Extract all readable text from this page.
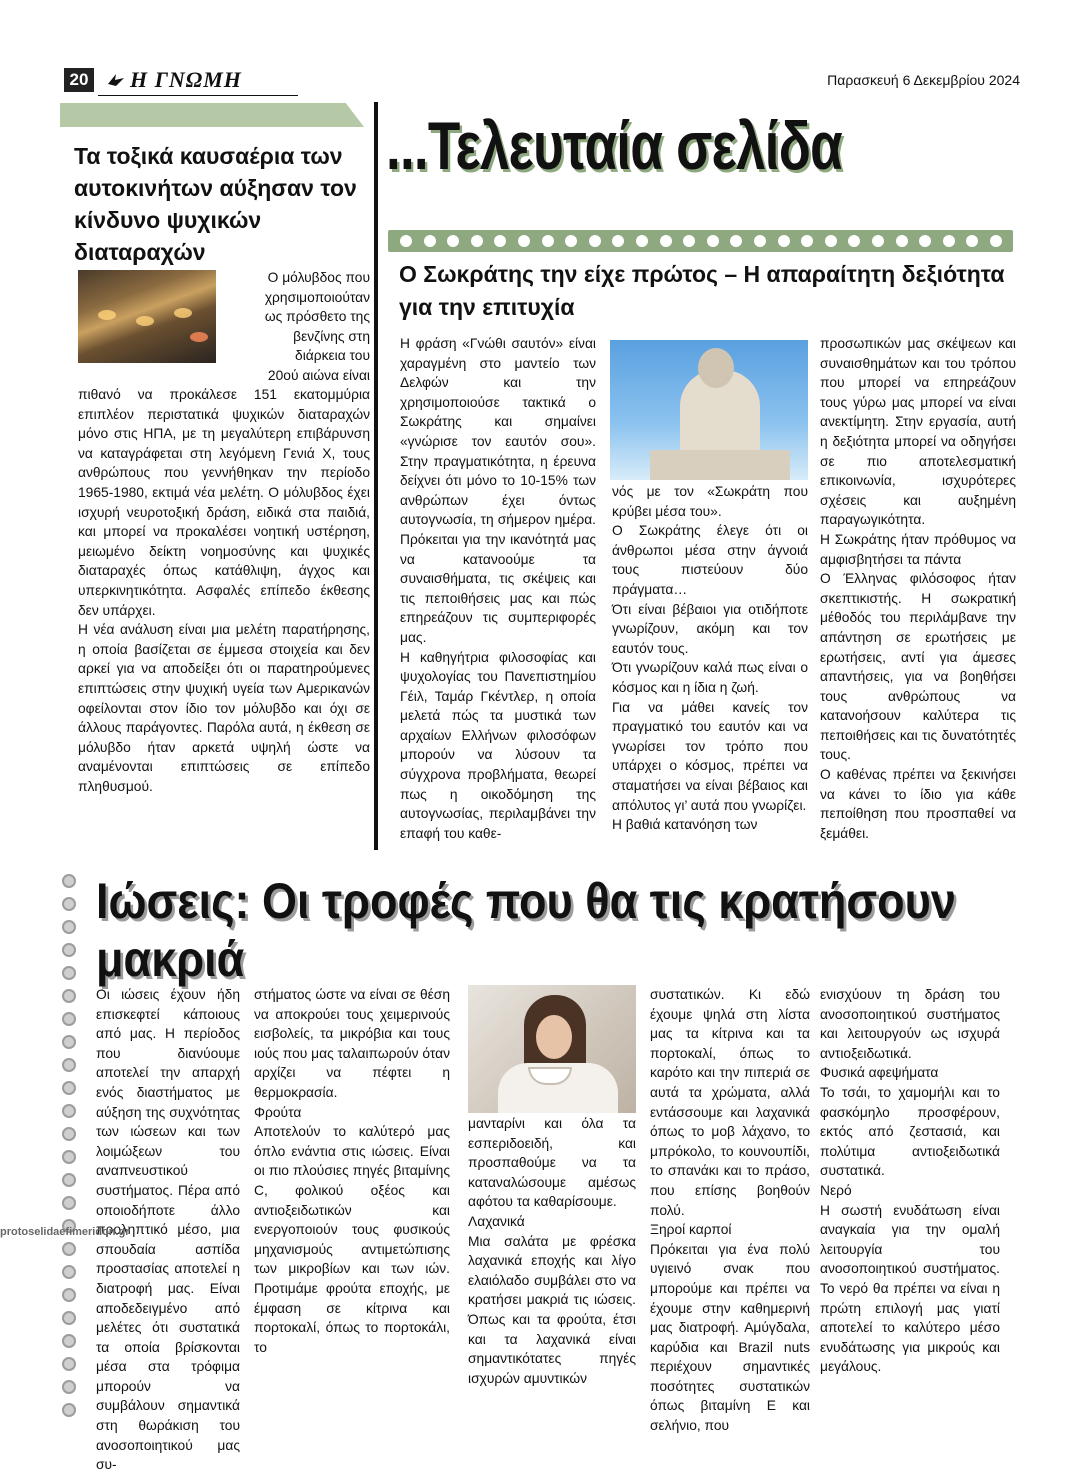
20 Η ΓΝΩΜΗ	Παρασκευή 6 Δεκεμβρίου 2024
Τα τοξικά καυσαέρια των αυτοκινήτων αύξησαν τον κίνδυνο ψυχικών διαταραχών

Ο μόλυβδος που

χρησιμοποιούταν

ως πρόσθετο της

βενζίνης στη

διάρκεια του

20ού αιώνα είναι

πιθανό να προκάλεσε 151 εκατομμύρια επιπλέον περιστατικά ψυχικών διαταραχών μόνο στις ΗΠΑ, με τη μεγαλύτερη επιβάρυνση να καταγράφεται στη λεγόμενη Γενιά Χ, τους ανθρώπους που γεννήθηκαν την περίοδο 1965-1980, εκτιμά νέα μελέτη. Ο μόλυβδος έχει ισχυρή νευροτοξική δράση, ειδικά στα παιδιά, και μπορεί να προκαλέσει νοητική υστέρηση, μειωμένο δείκτη νοημοσύνης και ψυχικές διαταραχές όπως κατάθλιψη, άγχος και υπερκινητικότητα. Ασφαλές επίπεδο έκθεσης δεν υπάρχει.

Η νέα ανάλυση είναι μια μελέτη παρατήρησης, η οποία βασίζεται σε έμμεσα στοιχεία και δεν αρκεί για να αποδείξει ότι οι παρατηρούμενες επιπτώσεις στην ψυχική υγεία των Αμερικανών οφείλονται στον ίδιο τον μόλυβδο και όχι σε άλλους παράγοντες. Παρόλα αυτά, η έκθεση σε μόλυβδο ήταν αρκετά υψηλή ώστε να αναμένονται επιπτώσεις σε επίπεδο πληθυσμού.

...Τελευταία σελίδα
Ο Σωκράτης την είχε πρώτος – Η απαραίτητη δεξιότητα για την επιτυχία

Η φράση «Γνώθι σαυτόν» είναι χαραγμένη στο μαντείο των Δελφών και την χρησιμοποιούσε τακτικά ο Σωκράτης και σημαίνει «γνώρισε τον εαυτόν σου». Στην πραγματικότητα, η έρευνα δείχνει ότι μόνο το 10-15% των ανθρώπων έχει όντως αυτογνωσία, τη σήμερον ημέρα. Πρόκειται για την ικανότητά μας να κατανοούμε τα συναισθήματα, τις σκέψεις και τις πεποιθήσεις μας και πώς επηρεάζουν τις συμπεριφορές μας.

Η καθηγήτρια φιλοσοφίας και ψυχολογίας του Πανεπιστημίου Γέιλ, Ταμάρ Γκέντλερ, η οποία μελετά πώς τα μυστικά των αρχαίων Ελλήνων φιλοσόφων μπορούν να λύσουν τα σύγχρονα προβλήματα, θεωρεί πως η οικοδόμηση της αυτογνωσίας, περιλαμβάνει την επαφή του καθε-

νός με τον «Σωκράτη που κρύβει μέσα του».

Ο Σωκράτης έλεγε ότι οι άνθρωποι μέσα στην άγνοιά τους πιστεύουν δύο πράγματα…

Ότι είναι βέβαιοι για οτιδήποτε γνωρίζουν, ακόμη και τον εαυτόν τους.

Ότι γνωρίζουν καλά πως είναι ο κόσμος και η ίδια η ζωή.

Για να μάθει κανείς τον πραγματικό του εαυτόν και να γνωρίσει τον τρόπο που υπάρχει ο κόσμος, πρέπει να σταματήσει να είναι βέβαιος και απόλυτος γι’ αυτά που γνωρίζει.

Η βαθιά κατανόηση των

προσωπικών μας σκέψεων και συναισθημάτων και του τρόπου που μπορεί να επηρεάζουν τους γύρω μας μπορεί να είναι ανεκτίμητη. Στην εργασία, αυτή η δεξιότητα μπορεί να οδηγήσει σε πιο αποτελεσματική επικοινωνία, ισχυρότερες σχέσεις και αυξημένη παραγωγικότητα.

Η Σωκράτης ήταν πρόθυμος να αμφισβητήσει τα πάντα

Ο Έλληνας φιλόσοφος ήταν σκεπτικιστής. Η σωκρατική μέθοδός του περιλάμβανε την απάντηση σε ερωτήσεις με ερωτήσεις, αντί για άμεσες απαντήσεις, για να βοηθήσει τους ανθρώπους να κατανοήσουν καλύτερα τις πεποιθήσεις και τις δυνατότητές τους.

Ο καθένας πρέπει να ξεκινήσει να κάνει το ίδιο για κάθε πεποίθηση που προσπαθεί να ξεμάθει.

Ιώσεις: Οι τροφές που θα τις κρατήσουν μακριά

Οι ιώσεις έχουν ήδη επισκεφτεί κάποιους από μας. Η περίοδος που διανύουμε αποτελεί την απαρχή ενός διαστήματος με αύξηση της συχνότητας των ιώσεων και των λοιμώξεων του αναπνευστικού συστήματος. Πέρα από οποιοδήποτε άλλο προληπτικό μέσο, μια σπουδαία ασπίδα προστασίας αποτελεί η διατροφή μας. Είναι αποδεδειγμένο από μελέτες ότι συστατικά τα οποία βρίσκονται μέσα στα τρόφιμα μπορούν να συμβάλουν σημαντικά στη θωράκιση του ανοσοποιητικού μας συ-

στήματος ώστε να είναι σε θέση να αποκρούει τους χειμερινούς εισβολείς, τα μικρόβια και τους ιούς που μας ταλαιπωρούν όταν αρχίζει να πέφτει η θερμοκρασία.

Φρούτα

Αποτελούν το καλύτερό μας όπλο ενάντια στις ιώσεις. Είναι οι πιο πλούσιες πηγές βιταμίνης C, φολικού οξέος και αντιοξειδωτικών και ενεργοποιούν τους φυσικούς μηχανισμούς αντιμετώπισης των μικροβίων και των ιών. Προτιμάμε φρούτα εποχής, με έμφαση σε κίτρινα και πορτοκαλί, όπως το πορτοκάλι, το

μανταρίνι και όλα τα εσπεριδοειδή, και προσπαθούμε να τα καταναλώσουμε αμέσως αφότου τα καθαρίσουμε.

Λαχανικά

Μια σαλάτα με φρέσκα λαχανικά εποχής και λίγο ελαιόλαδο συμβάλει στο να κρατήσει μακριά τις ιώσεις. Όπως και τα φρούτα, έτσι και τα λαχανικά είναι σημαντικότατες πηγές ισχυρών αμυντικών

συστατικών. Κι εδώ έχουμε ψηλά στη λίστα μας τα κίτρινα και τα πορτοκαλί, όπως το καρότο και την πιπεριά σε αυτά τα χρώματα, αλλά εντάσσουμε και λαχανικά όπως το μοβ λάχανο, το μπρόκολο, το κουνουπίδι, το σπανάκι και το πράσο, που επίσης βοηθούν πολύ.

Ξηροί καρποί

Πρόκειται για ένα πολύ υγιεινό σνακ που μπορούμε και πρέπει να έχουμε στην καθημερινή μας διατροφή. Αμύγδαλα, καρύδια και Brazil nuts περιέχουν σημαντικές ποσότητες συστατικών όπως βιταμίνη Ε και σελήνιο, που

ενισχύουν τη δράση του ανοσοποιητικού συστήματος και λειτουργούν ως ισχυρά αντιοξειδωτικά.

Φυσικά αφεψήματα

Το τσάι, το χαμομήλι και το φασκόμηλο προσφέρουν, εκτός από ζεστασιά, και πολύτιμα αντιοξειδωτικά συστατικά.

Νερό

Η σωστή ενυδάτωση είναι αναγκαία για την ομαλή λειτουργία του ανοσοποιητικού συστήματος. Το νερό θα πρέπει να είναι η πρώτη επιλογή μας γιατί αποτελεί το καλύτερο μέσο ενυδάτωσης για μικρούς και μεγάλους.

protoselidaefimeridon.gr
